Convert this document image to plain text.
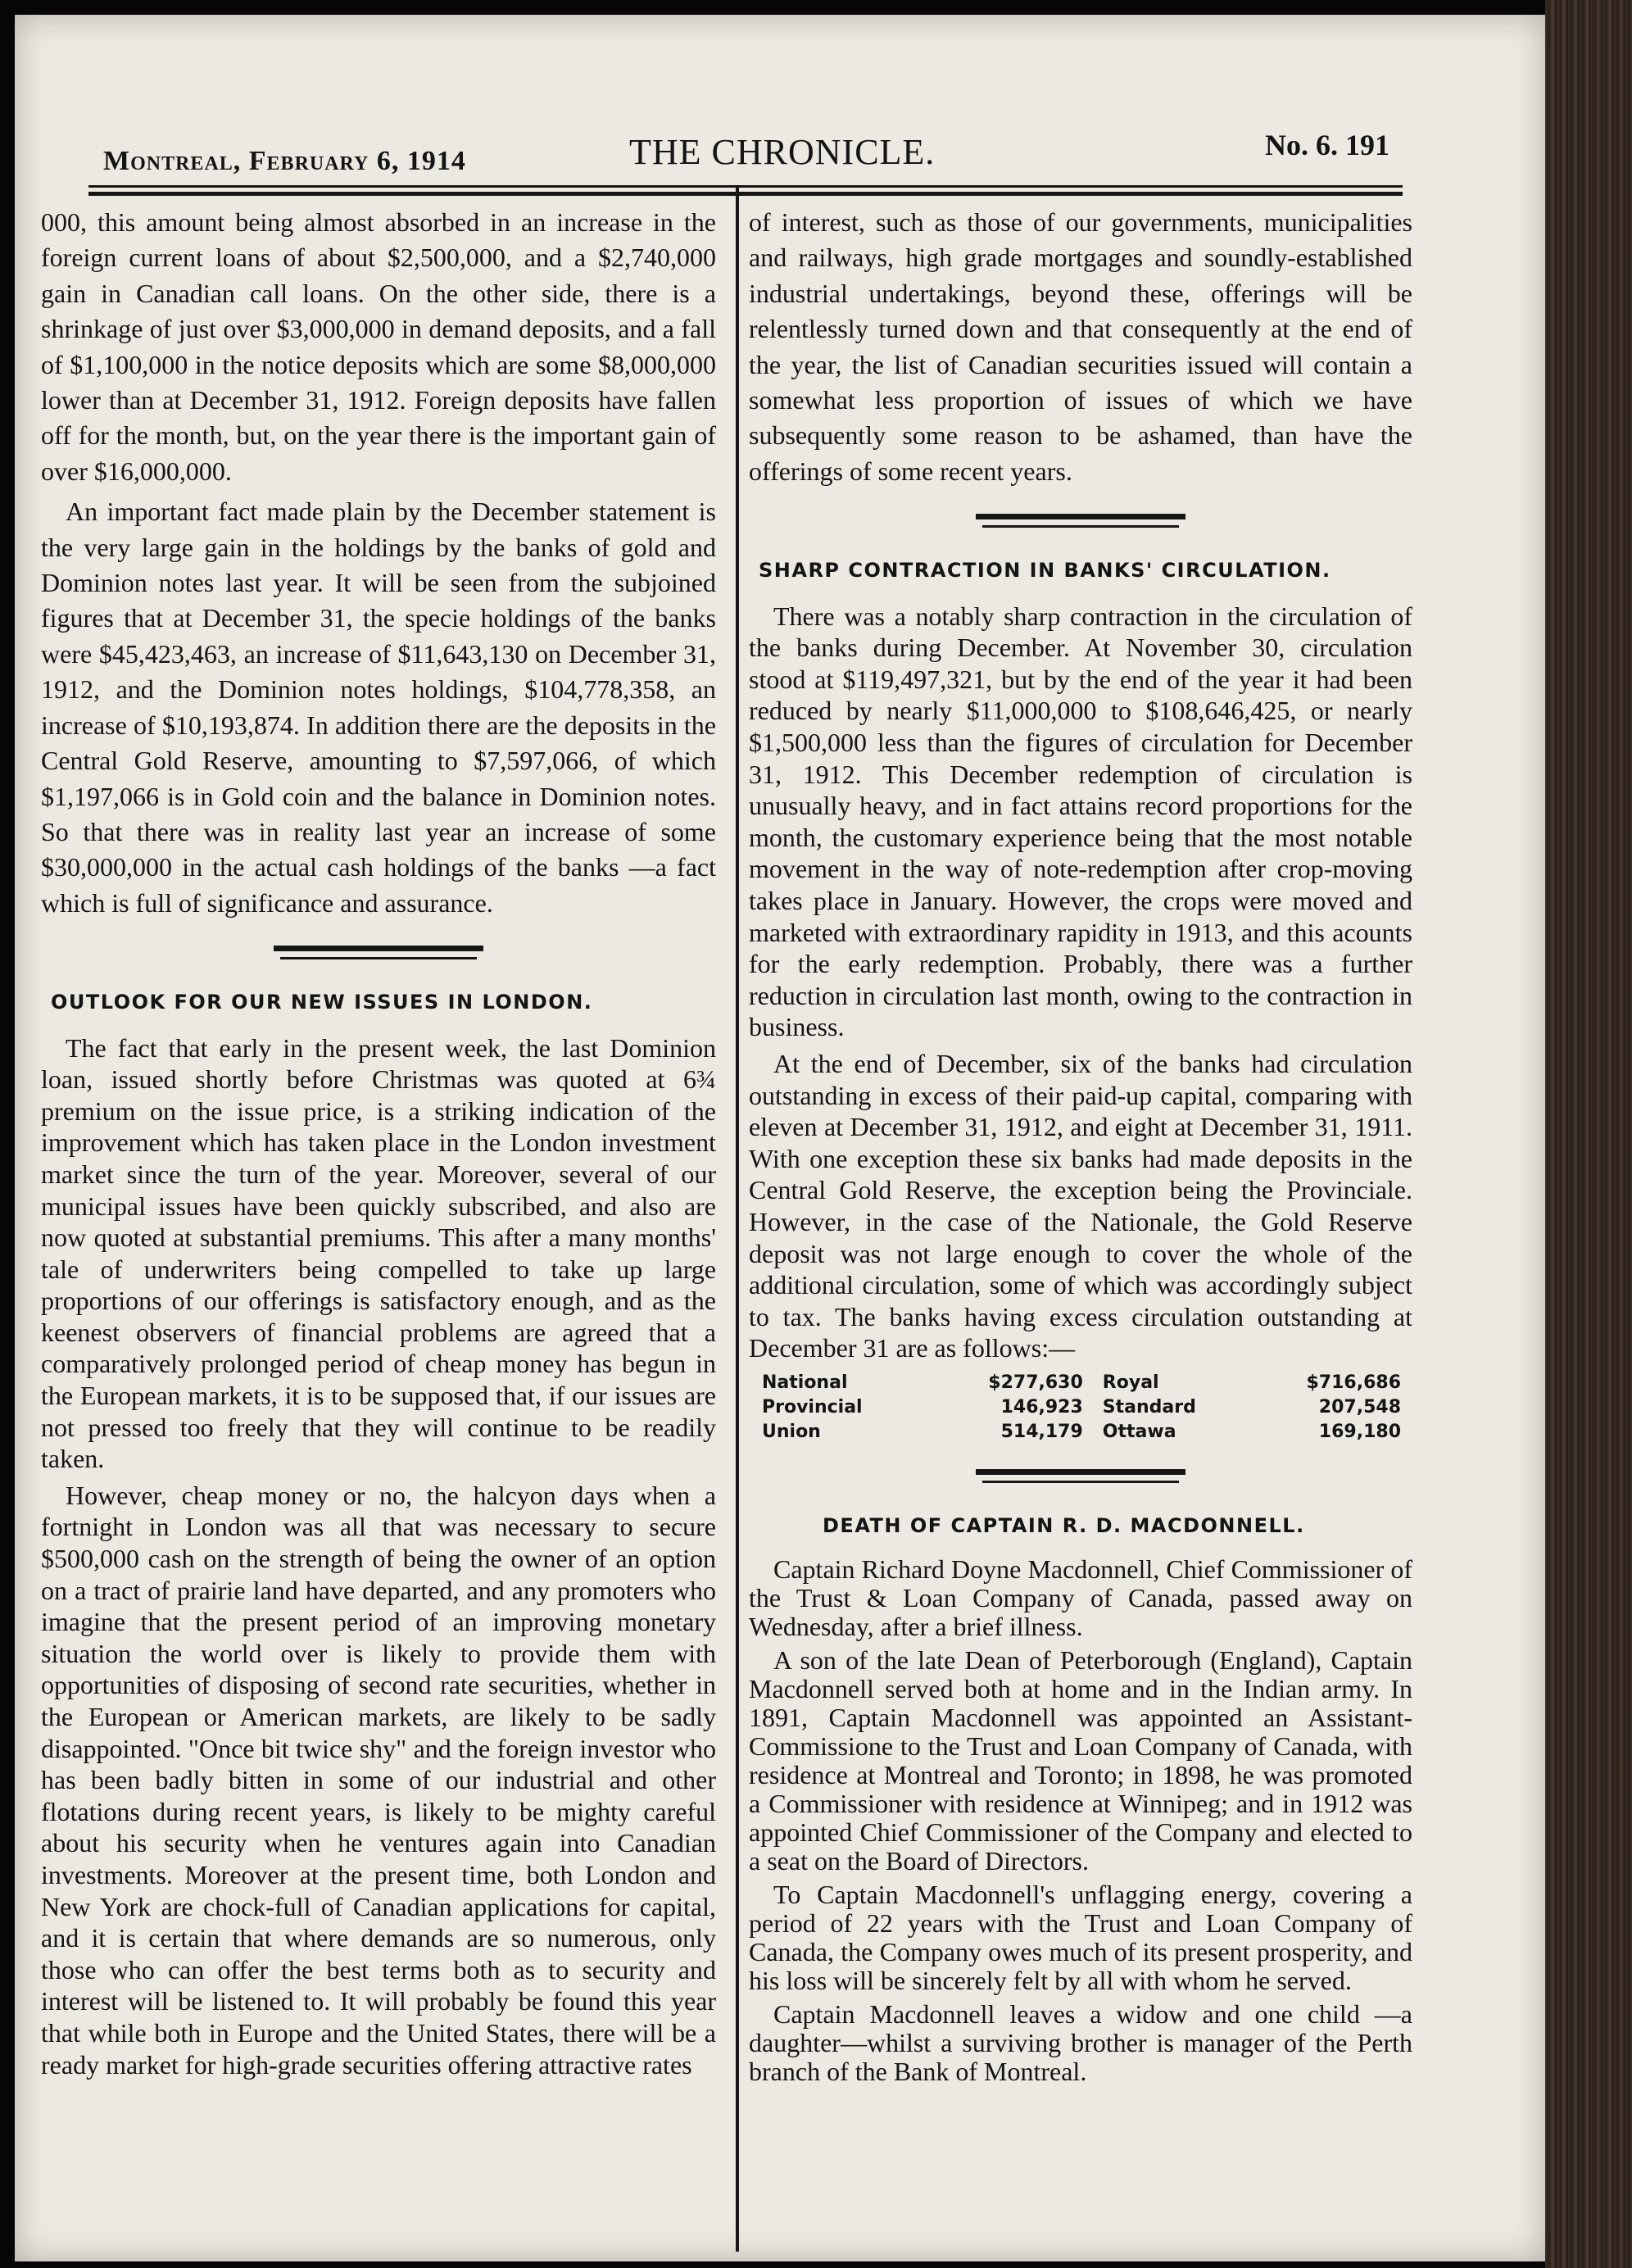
Montreal, February 6, 1914	THE CHRONICLE.	No. 6. 191

000, this amount being almost absorbed in an increase in the foreign current loans of about $2,500,000, and a $2,740,000 gain in Canadian call loans. On the other side, there is a shrinkage of just over $3,000,000 in demand deposits, and a fall of $1,100,000 in the notice deposits which are some $8,000,000 lower than at December 31, 1912. Foreign deposits have fallen off for the month, but, on the year there is the important gain of over $16,000,000.

An important fact made plain by the December statement is the very large gain in the holdings by the banks of gold and Dominion notes last year. It will be seen from the subjoined figures that at December 31, the specie holdings of the banks were $45,423,463, an increase of $11,643,130 on December 31, 1912, and the Dominion notes holdings, $104,778,358, an increase of $10,193,874. In addition there are the deposits in the Central Gold Reserve, amounting to $7,597,066, of which $1,197,066 is in Gold coin and the balance in Dominion notes. So that there was in reality last year an increase of some $30,000,000 in the actual cash holdings of the banks —a fact which is full of significance and assurance.

OUTLOOK FOR OUR NEW ISSUES IN LONDON.

The fact that early in the present week, the last Dominion loan, issued shortly before Christmas was quoted at 6¾ premium on the issue price, is a striking indication of the improvement which has taken place in the London investment market since the turn of the year. Moreover, several of our municipal issues have been quickly subscribed, and also are now quoted at substantial premiums. This after a many months' tale of underwriters being compelled to take up large proportions of our offerings is satisfactory enough, and as the keenest observers of financial problems are agreed that a comparatively prolonged period of cheap money has begun in the European markets, it is to be supposed that, if our issues are not pressed too freely that they will continue to be readily taken.

However, cheap money or no, the halcyon days when a fortnight in London was all that was necessary to secure $500,000 cash on the strength of being the owner of an option on a tract of prairie land have departed, and any promoters who imagine that the present period of an improving monetary situation the world over is likely to provide them with opportunities of disposing of second rate securities, whether in the European or American markets, are likely to be sadly disappointed. "Once bit twice shy" and the foreign investor who has been badly bitten in some of our industrial and other flotations during recent years, is likely to be mighty careful about his security when he ventures again into Canadian investments. Moreover at the present time, both London and New York are chock-full of Canadian applications for capital, and it is certain that where demands are so numerous, only those who can offer the best terms both as to security and interest will be listened to. It will probably be found this year that while both in Europe and the United States, there will be a ready market for high-grade securities offering attractive rates

of interest, such as those of our governments, municipalities and railways, high grade mortgages and soundly-established industrial undertakings, beyond these, offerings will be relentlessly turned down and that consequently at the end of the year, the list of Canadian securities issued will contain a somewhat less proportion of issues of which we have subsequently some reason to be ashamed, than have the offerings of some recent years.

SHARP CONTRACTION IN BANKS' CIRCULATION.

There was a notably sharp contraction in the circulation of the banks during December. At November 30, circulation stood at $119,497,321, but by the end of the year it had been reduced by nearly $11,000,000 to $108,646,425, or nearly $1,500,000 less than the figures of circulation for December 31, 1912. This December redemption of circulation is unusually heavy, and in fact attains record proportions for the month, the customary experience being that the most notable movement in the way of note-redemption after crop-moving takes place in January. However, the crops were moved and marketed with extraordinary rapidity in 1913, and this acounts for the early redemption. Probably, there was a further reduction in circulation last month, owing to the contraction in business.

At the end of December, six of the banks had circulation outstanding in excess of their paid-up capital, comparing with eleven at December 31, 1912, and eight at December 31, 1911. With one exception these six banks had made deposits in the Central Gold Reserve, the exception being the Provinciale. However, in the case of the Nationale, the Gold Reserve deposit was not large enough to cover the whole of the additional circulation, some of which was accordingly subject to tax. The banks having excess circulation outstanding at December 31 are as follows:—

National	$277,630	Royal	$716,686
Provincial	146,923	Standard	207,548
Union	514,179	Ottawa	169,180
DEATH OF CAPTAIN R. D. MACDONNELL.

Captain Richard Doyne Macdonnell, Chief Commissioner of the Trust & Loan Company of Canada, passed away on Wednesday, after a brief illness.

A son of the late Dean of Peterborough (England), Captain Macdonnell served both at home and in the Indian army. In 1891, Captain Macdonnell was appointed an Assistant-Commissione to the Trust and Loan Company of Canada, with residence at Montreal and Toronto; in 1898, he was promoted a Commissioner with residence at Winnipeg; and in 1912 was appointed Chief Commissioner of the Company and elected to a seat on the Board of Directors.

To Captain Macdonnell's unflagging energy, covering a period of 22 years with the Trust and Loan Company of Canada, the Company owes much of its present prosperity, and his loss will be sincerely felt by all with whom he served.

Captain Macdonnell leaves a widow and one child —a daughter—whilst a surviving brother is manager of the Perth branch of the Bank of Montreal.
